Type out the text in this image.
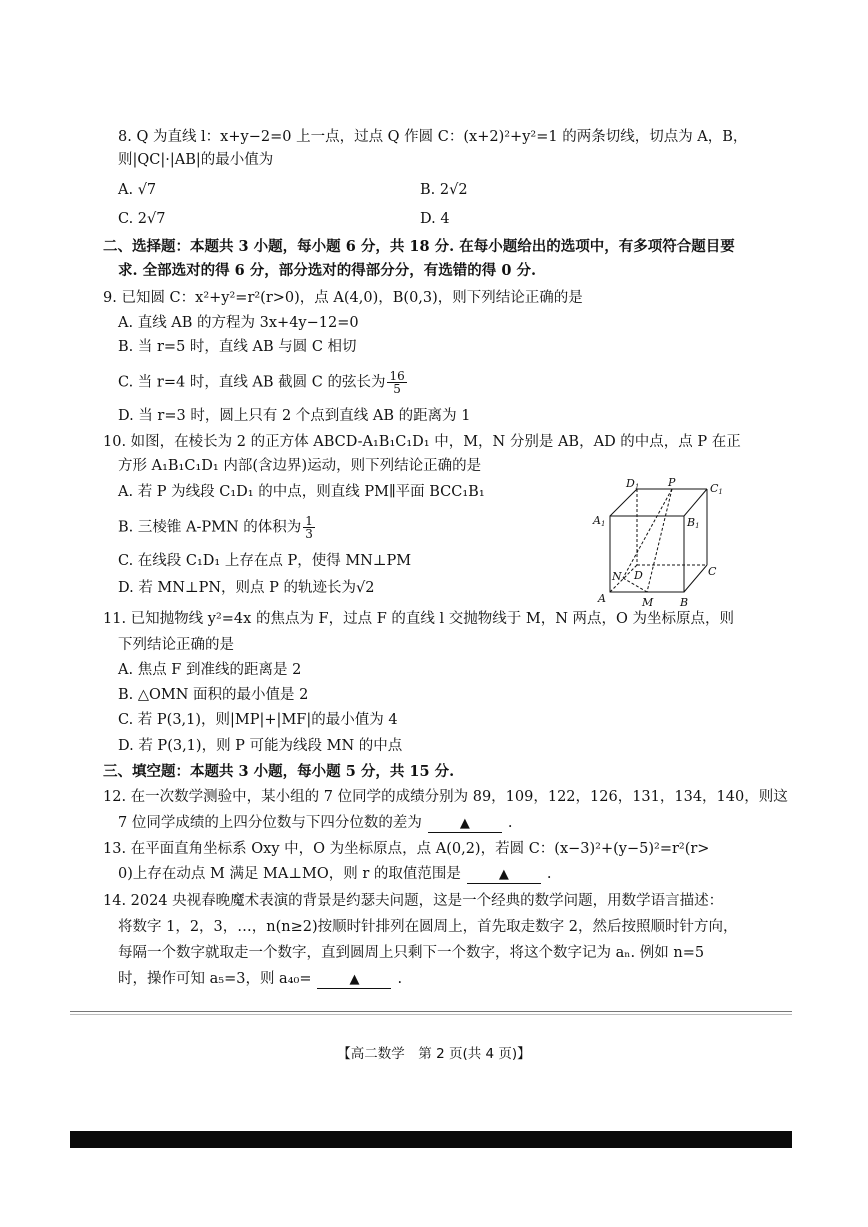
8. Q 为直线 l：x+y−2=0 上一点，过点 Q 作圆 C：(x+2)²+y²=1 的两条切线，切点为 A，B，
则|QC|·|AB|的最小值为
A. √7	B. 2√2
C. 2√7	D. 4
二、选择题：本题共 3 小题，每小题 6 分，共 18 分. 在每小题给出的选项中，有多项符合题目要
求. 全部选对的得 6 分，部分选对的得部分分，有选错的得 0 分.
9. 已知圆 C：x²+y²=r²(r>0)，点 A(4,0)，B(0,3)，则下列结论正确的是
A. 直线 AB 的方程为 3x+4y−12=0
B. 当 r=5 时，直线 AB 与圆 C 相切
C. 当 r=4 时，直线 AB 截圆 C 的弦长为 $\frac{16}{5}$
D. 当 r=3 时，圆上只有 2 个点到直线 AB 的距离为 1
10. 如图，在棱长为 2 的正方体 ABCD-A₁B₁C₁D₁ 中，M，N 分别是 AB，AD 的中点，点 P 在正
方形 A₁B₁C₁D₁ 内部(含边界)运动，则下列结论正确的是
A. 若 P 为线段 C₁D₁ 的中点，则直线 PM∥平面 BCC₁B₁
B. 三棱锥 A-PMN 的体积为 $\frac{1}{3}$
C. 在线段 C₁D₁ 上存在点 P，使得 MN⊥PM
D. 若 MN⊥PN，则点 P 的轨迹长为√2
D1	P	C1
A1	B1
N D	C
A	M B
11. 已知抛物线 y²=4x 的焦点为 F，过点 F 的直线 l 交抛物线于 M，N 两点，O 为坐标原点，则
下列结论正确的是
A. 焦点 F 到准线的距离是 2
B. △OMN 面积的最小值是 2
C. 若 P(3,1)，则|MP|+|MF|的最小值为 4
D. 若 P(3,1)，则 P 可能为线段 MN 的中点
三、填空题：本题共 3 小题，每小题 5 分，共 15 分.
12. 在一次数学测验中，某小组的 7 位同学的成绩分别为 89，109，122，126，131，134，140，则这
7 位同学成绩的上四分位数与下四分位数的差为	▲	.
13. 在平面直角坐标系 Oxy 中，O 为坐标原点，点 A(0,2)，若圆 C：(x−3)²+(y−5)²=r²(r>
0)上存在动点 M 满足 MA⊥MO，则 r 的取值范围是	▲	.
14. 2024 央视春晚魔术表演的背景是约瑟夫问题，这是一个经典的数学问题，用数学语言描述：
将数字 1，2，3，…，n(n≥2)按顺时针排列在圆周上，首先取走数字 2，然后按照顺时针方向，
每隔一个数字就取走一个数字，直到圆周上只剩下一个数字，将这个数字记为 aₙ. 例如 n=5
时，操作可知 a₅=3，则 a₄₀=	▲	.
【高二数学　第 2 页(共 4 页)】
